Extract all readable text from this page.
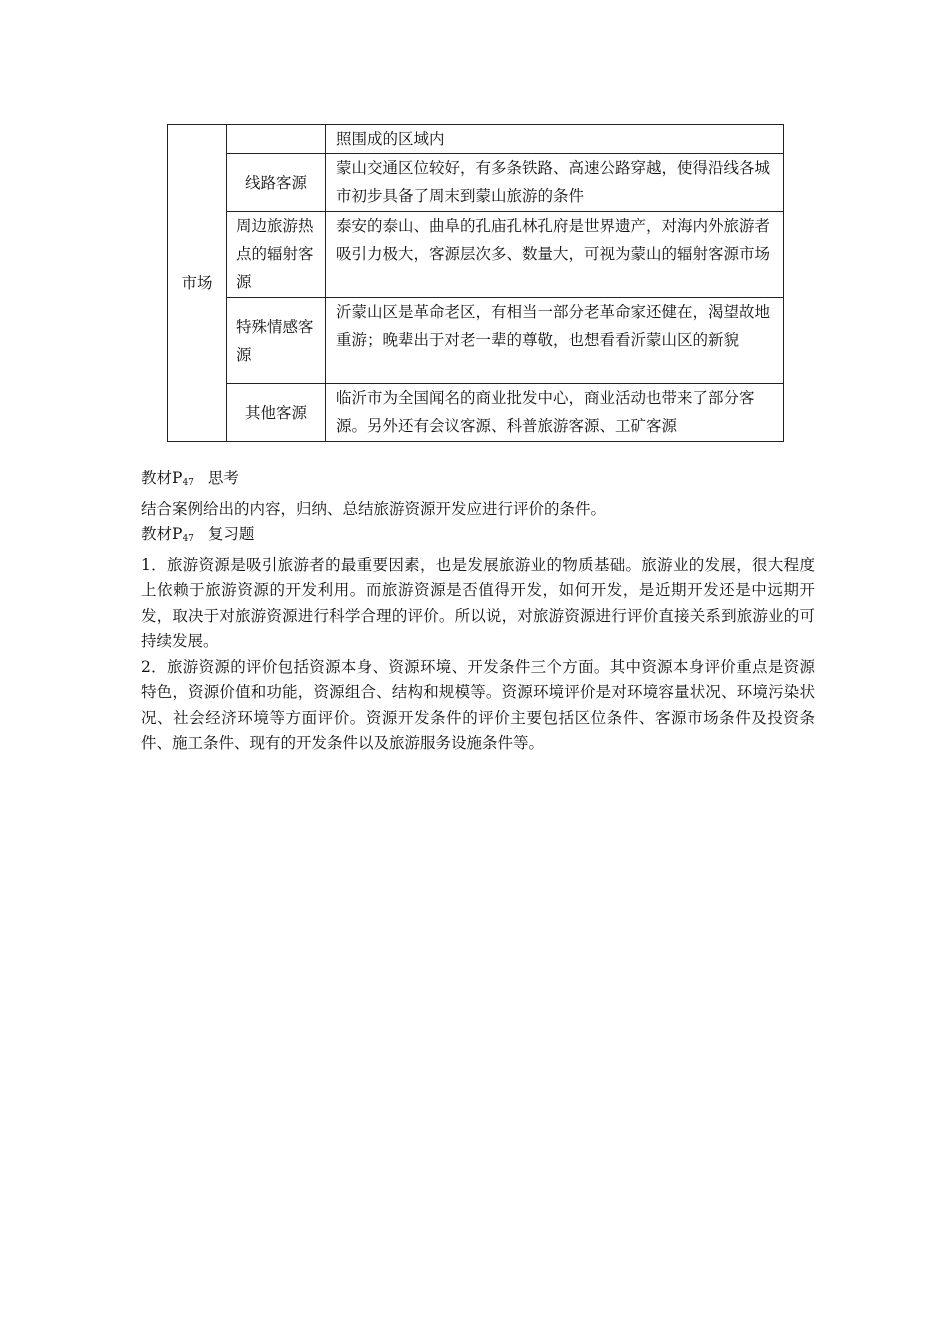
市场		照围成的区域内
	线路客源	蒙山交通区位较好，有多条铁路、高速公路穿越，使得沿线各城市初步具备了周末到蒙山旅游的条件
	周边旅游热点的辐射客源	泰安的泰山、曲阜的孔庙孔林孔府是世界遗产，对海内外旅游者吸引力极大，客源层次多、数量大，可视为蒙山的辐射客源市场
	特殊情感客源	沂蒙山区是革命老区，有相当一部分老革命家还健在，渴望故地重游；晚辈出于对老一辈的尊敬，也想看看沂蒙山区的新貌
	其他客源	临沂市为全国闻名的商业批发中心，商业活动也带来了部分客源。另外还有会议客源、科普旅游客源、工矿客源

教材$P_{47}$ 思考

结合案例给出的内容，归纳、总结旅游资源开发应进行评价的条件。

教材$P_{47}$ 复习题

1．旅游资源是吸引旅游者的最重要因素，也是发展旅游业的物质基础。旅游业的发展，很大程度上依赖于旅游资源的开发利用。而旅游资源是否值得开发，如何开发，是近期开发还是中远期开发，取决于对旅游资源进行科学合理的评价。所以说，对旅游资源进行评价直接关系到旅游业的可持续发展。

2．旅游资源的评价包括资源本身、资源环境、开发条件三个方面。其中资源本身评价重点是资源特色，资源价值和功能，资源组合、结构和规模等。资源环境评价是对环境容量状况、环境污染状况、社会经济环境等方面评价。资源开发条件的评价主要包括区位条件、客源市场条件及投资条件、施工条件、现有的开发条件以及旅游服务设施条件等。
